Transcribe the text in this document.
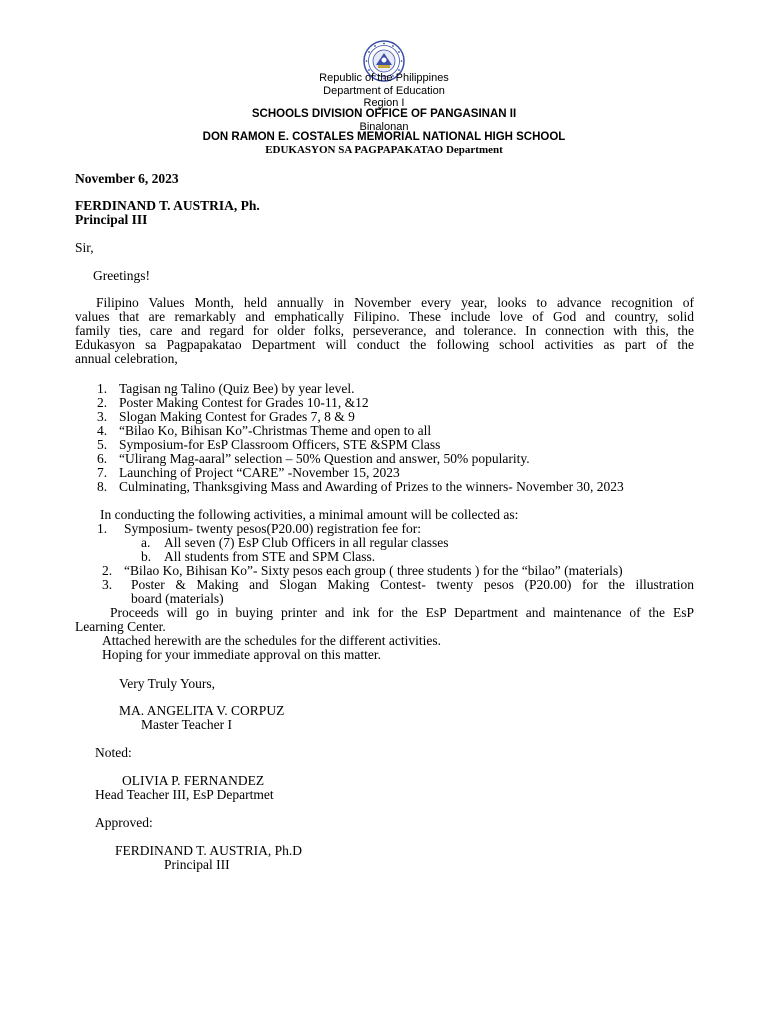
Republic of the Philippines
Department of Education
Region I
SCHOOLS DIVISION OFFICE OF PANGASINAN II
Binalonan
DON RAMON E. COSTALES MEMORIAL NATIONAL HIGH SCHOOL
EDUKASYON SA PAGPAPAKATAO Department
November 6, 2023
FERDINAND T. AUSTRIA, Ph.
Principal III
Sir,
Greetings!
Filipino Values Month, held annually in November every year, looks to advance recognition of
values that are remarkably and emphatically Filipino. These include love of God and country, solid
family ties, care and regard for older folks, perseverance, and tolerance. In connection with this, the
Edukasyon sa Pagpapakatao Department will conduct the following school activities as part of the
annual celebration,
1. Tagisan ng Talino (Quiz Bee) by year level.
2. Poster Making Contest for Grades 10-11, &12
3. Slogan Making Contest for Grades 7, 8 & 9
4. “Bilao Ko, Bihisan Ko”-Christmas Theme and open to all
5. Symposium-for EsP Classroom Officers, STE &SPM Class
6. “Ulirang Mag-aaral” selection – 50% Question and answer, 50% popularity.
7. Launching of Project “CARE” -November 15, 2023
8. Culminating, Thanksgiving Mass and Awarding of Prizes to the winners- November 30, 2023
In conducting the following activities, a minimal amount will be collected as:
1. Symposium- twenty pesos(P20.00) registration fee for:
a. All seven (7) EsP Club Officers in all regular classes
b. All students from STE and SPM Class.
2. “Bilao Ko, Bihisan Ko”- Sixty pesos each group ( three students ) for the “bilao” (materials)
3. Poster & Making and Slogan Making Contest- twenty pesos (P20.00) for the illustration
board (materials)
Proceeds will go in buying printer and ink for the EsP Department and maintenance of the EsP
Learning Center.
Attached herewith are the schedules for the different activities.
Hoping for your immediate approval on this matter.
Very Truly Yours,
MA. ANGELITA V. CORPUZ
Master Teacher I
Noted:
OLIVIA P. FERNANDEZ
Head Teacher III, EsP Departmet
Approved:
FERDINAND T. AUSTRIA, Ph.D
Principal III
